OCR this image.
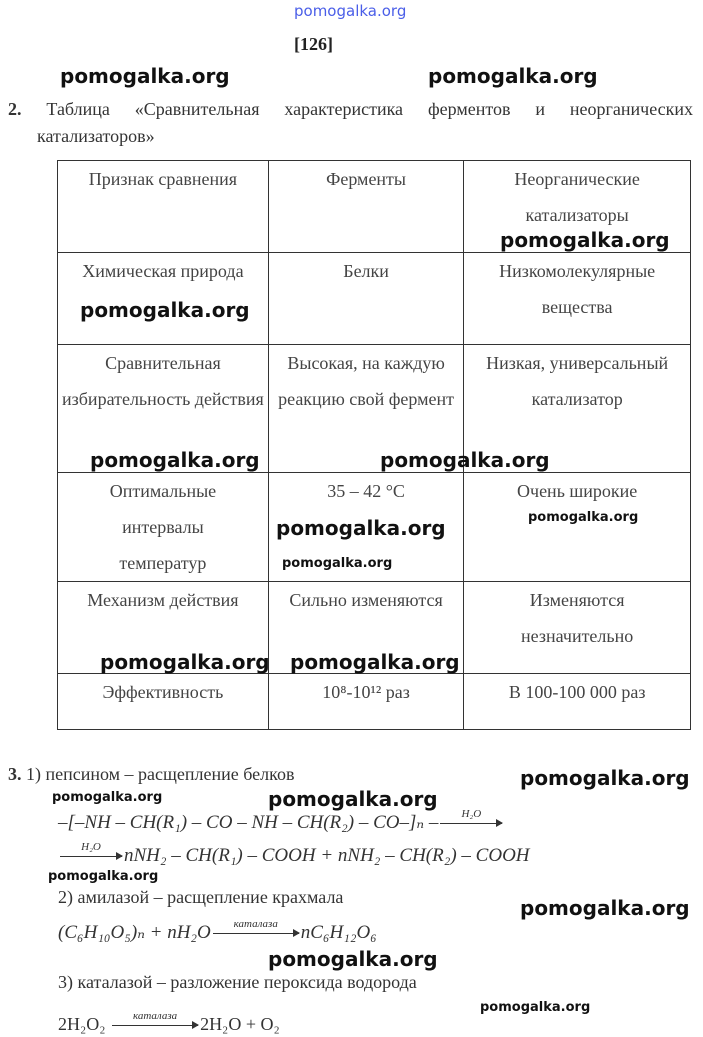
pomogalka.org
[126]
2. Таблица «Сравнительная характеристика ферментов и неорганических
катализаторов»
Признак сравнения	Ферменты	Неорганические катализаторы
Химическая природа	Белки	Низкомолекулярные вещества
Сравнительная избирательность действия	Высокая, на каждую реакцию свой фермент	Низкая, универсальный катализатор
Оптимальные интервалы температур	35 – 42 °C	Очень широкие
Механизм действия	Сильно изменяются	Изменяются незначительно
Эффективность	10⁸-10¹² раз	В 100-100 000 раз
3. 1) пепсином – расщепление белков
–[–NH – CH(R₁) – CO – NH – CH(R₂) – CO–]ₙ –	H₂O
H₂O	nNH₂ – CH(R₁) – COOH + nNH₂ – CH(R₂) – COOH
2) амилазой – расщепление крахмала
(C₆H₁₀O₅)ₙ + nH₂O	каталаза	nC₆H₁₂O₆
3) каталазой – разложение пероксида водорода
2H₂O₂	каталаза	2H₂O + O₂
pomogalka.org	pomogalka.org
pomogalka.org
pomogalka.org
pomogalka.org	pomogalka.org
pomogalka.org
pomogalka.org	pomogalka.org
pomogalka.org pomogalka.org
pomogalka.org
pomogalka.org	pomogalka.org
pomogalka.org
pomogalka.org
pomogalka.org
pomogalka.org
